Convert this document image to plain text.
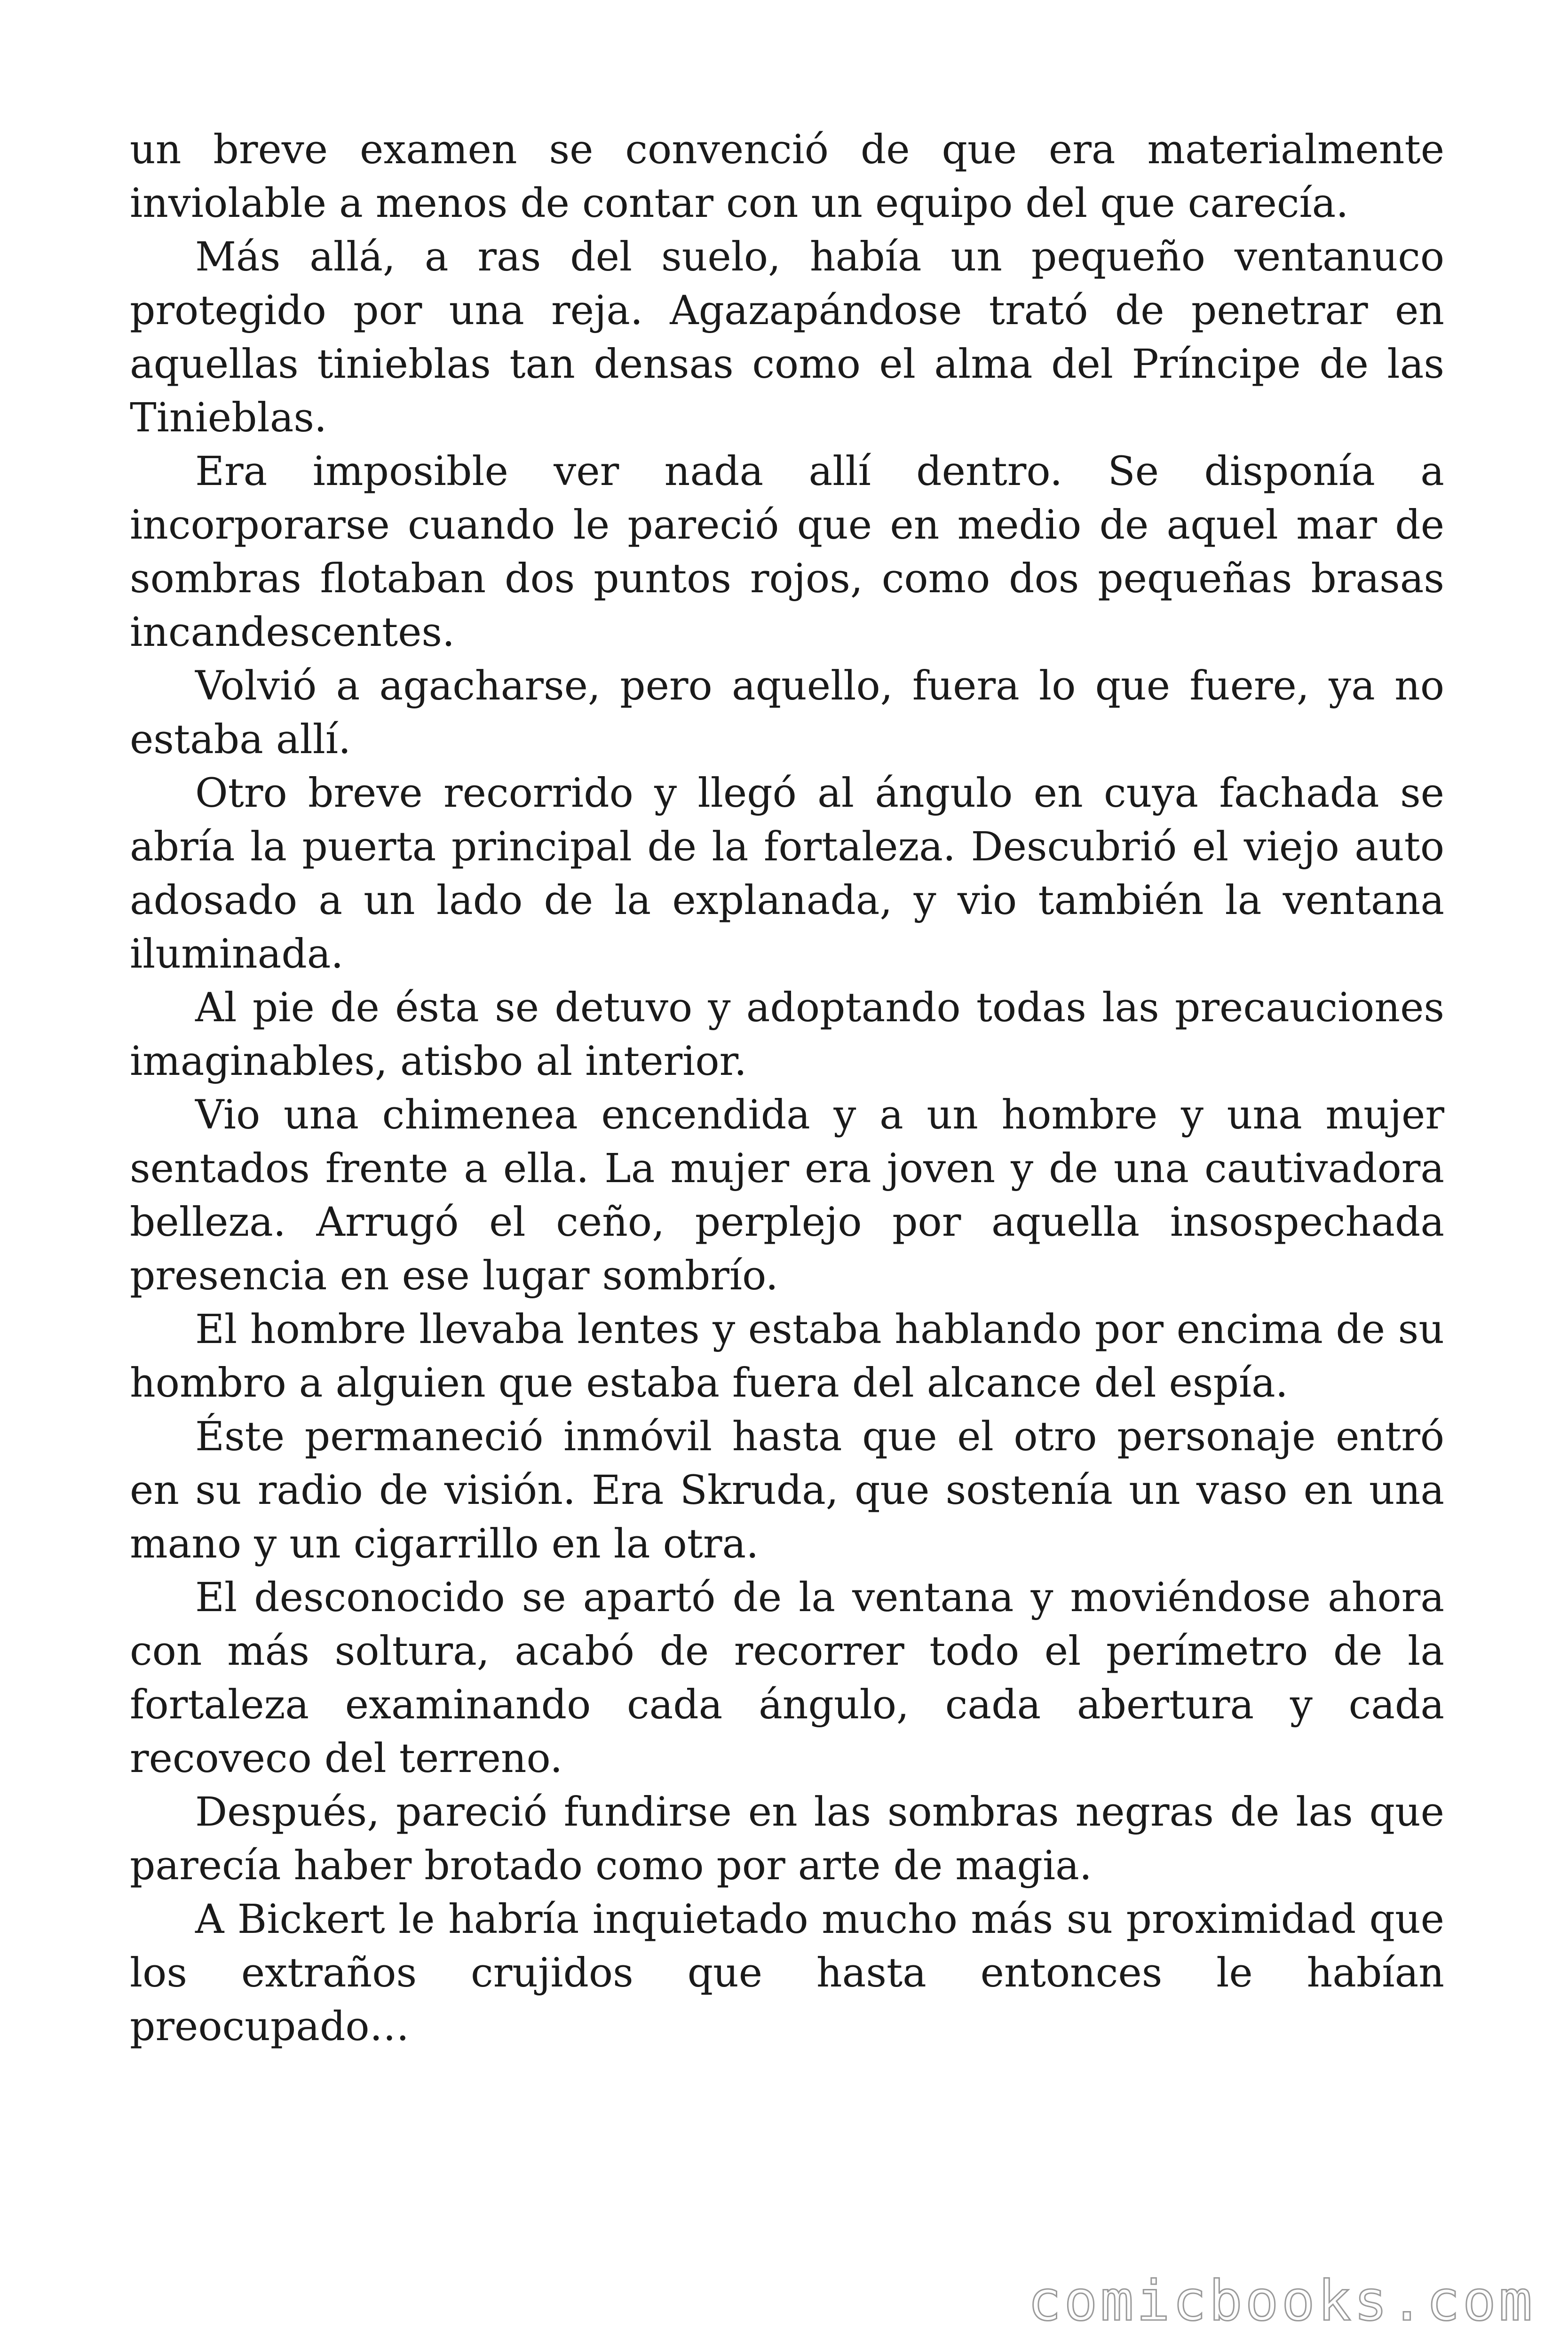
un breve examen se convenció de que era materialmente inviolable a menos de contar con un equipo del que carecía.

Más allá, a ras del suelo, había un pequeño ventanuco protegido por una reja. Agazapándose trató de penetrar en aquellas tinieblas tan densas como el alma del Príncipe de las Tinieblas.

Era imposible ver nada allí dentro. Se disponía a incorporarse cuando le pareció que en medio de aquel mar de sombras flotaban dos puntos rojos, como dos pequeñas brasas incandescentes.

Volvió a agacharse, pero aquello, fuera lo que fuere, ya no estaba allí.

Otro breve recorrido y llegó al ángulo en cuya fachada se abría la puerta principal de la fortaleza. Descubrió el viejo auto adosado a un lado de la explanada, y vio también la ventana iluminada.

Al pie de ésta se detuvo y adoptando todas las precauciones imaginables, atisbo al interior.

Vio una chimenea encendida y a un hombre y una mujer sentados frente a ella. La mujer era joven y de una cautivadora belleza. Arrugó el ceño, perplejo por aquella insospechada presencia en ese lugar sombrío.

El hombre llevaba lentes y estaba hablando por encima de su hombro a alguien que estaba fuera del alcance del espía.

Éste permaneció inmóvil hasta que el otro personaje entró en su radio de visión. Era Skruda, que sostenía un vaso en una mano y un cigarrillo en la otra.

El desconocido se apartó de la ventana y moviéndose ahora con más soltura, acabó de recorrer todo el perímetro de la fortaleza examinando cada ángulo, cada abertura y cada recoveco del terreno.

Después, pareció fundirse en las sombras negras de las que parecía haber brotado como por arte de magia.

A Bickert le habría inquietado mucho más su proximidad que los extraños crujidos que hasta entonces le habían preocupado…

comicbooks.com
